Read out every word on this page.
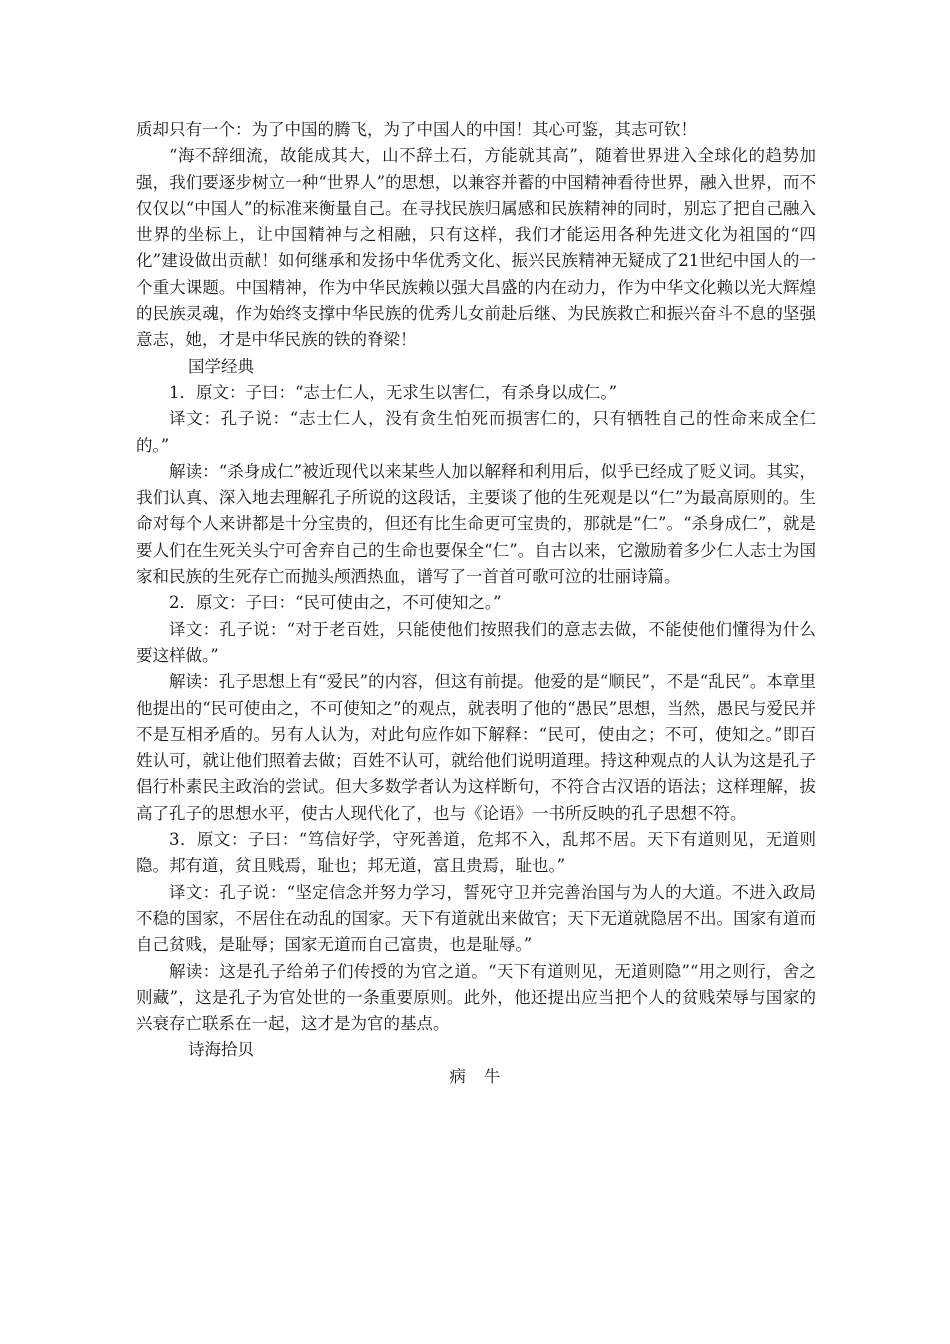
质却只有一个：为了中国的腾飞，为了中国人的中国！其心可鉴，其志可钦！

“海不辞细流，故能成其大，山不辞土石，方能就其高”，随着世界进入全球化的趋势加强，我们要逐步树立一种“世界人”的思想，以兼容并蓄的中国精神看待世界，融入世界，而不仅仅以“中国人”的标准来衡量自己。在寻找民族归属感和民族精神的同时，别忘了把自己融入世界的坐标上，让中国精神与之相融，只有这样，我们才能运用各种先进文化为祖国的“四化”建设做出贡献！如何继承和发扬中华优秀文化、振兴民族精神无疑成了21世纪中国人的一个重大课题。中国精神，作为中华民族赖以强大昌盛的内在动力，作为中华文化赖以光大辉煌的民族灵魂，作为始终支撑中华民族的优秀儿女前赴后继、为民族救亡和振兴奋斗不息的坚强意志，她，才是中华民族的铁的脊梁！

国学经典

1．原文：子曰：“志士仁人，无求生以害仁，有杀身以成仁。”

译文：孔子说：“志士仁人，没有贪生怕死而损害仁的，只有牺牲自己的性命来成全仁的。”

解读：“杀身成仁”被近现代以来某些人加以解释和利用后，似乎已经成了贬义词。其实，我们认真、深入地去理解孔子所说的这段话，主要谈了他的生死观是以“仁”为最高原则的。生命对每个人来讲都是十分宝贵的，但还有比生命更可宝贵的，那就是“仁”。“杀身成仁”，就是要人们在生死关头宁可舍弃自己的生命也要保全“仁”。自古以来，它激励着多少仁人志士为国家和民族的生死存亡而抛头颅洒热血，谱写了一首首可歌可泣的壮丽诗篇。

2．原文：子曰：“民可使由之，不可使知之。”

译文：孔子说：“对于老百姓，只能使他们按照我们的意志去做，不能使他们懂得为什么要这样做。”

解读：孔子思想上有“爱民”的内容，但这有前提。他爱的是“顺民”，不是“乱民”。本章里他提出的“民可使由之，不可使知之”的观点，就表明了他的“愚民”思想，当然，愚民与爱民并不是互相矛盾的。另有人认为，对此句应作如下解释：“民可，使由之；不可，使知之。”即百姓认可，就让他们照着去做；百姓不认可，就给他们说明道理。持这种观点的人认为这是孔子倡行朴素民主政治的尝试。但大多数学者认为这样断句，不符合古汉语的语法；这样理解，拔高了孔子的思想水平，使古人现代化了，也与《论语》一书所反映的孔子思想不符。

3．原文：子曰：“笃信好学，守死善道，危邦不入，乱邦不居。天下有道则见，无道则隐。邦有道，贫且贱焉，耻也；邦无道，富且贵焉，耻也。”

译文：孔子说：“坚定信念并努力学习，誓死守卫并完善治国与为人的大道。不进入政局不稳的国家，不居住在动乱的国家。天下有道就出来做官；天下无道就隐居不出。国家有道而自己贫贱，是耻辱；国家无道而自己富贵，也是耻辱。”

解读：这是孔子给弟子们传授的为官之道。“天下有道则见，无道则隐”“用之则行，舍之则藏”，这是孔子为官处世的一条重要原则。此外，他还提出应当把个人的贫贱荣辱与国家的兴衰存亡联系在一起，这才是为官的基点。

诗海拾贝

病牛
